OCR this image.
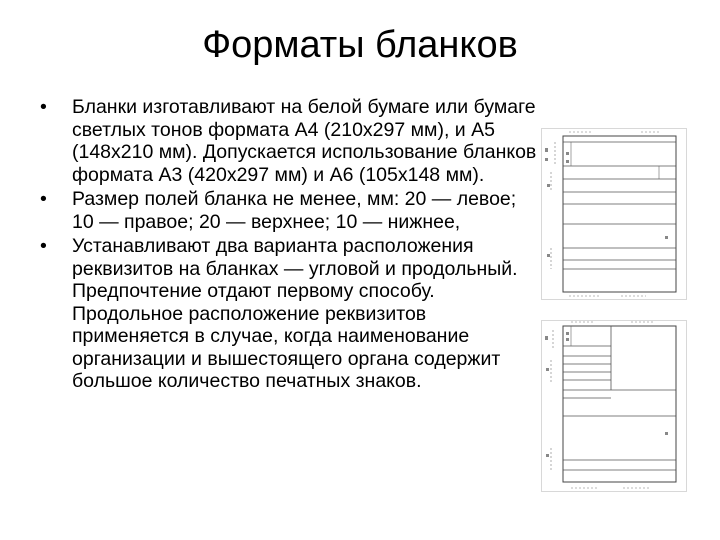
Форматы бланков
•	Бланки изготавливают на белой бумаге или бумаге светлых тонов формата А4 (210х297 мм), и А5 (148х210 мм). Допускается использование бланков формата А3 (420х297 мм) и А6 (105х148 мм).
•	Размер полей бланка не менее, мм: 20 — левое; 10 — правое; 20 — верхнее; 10 — нижнее,
•	Устанавливают два варианта расположения реквизитов на бланках — угловой и продольный. Предпочтение отдают первому способу. Продольное расположение реквизитов применяется в случае, когда наименование организации и вышестоящего органа содержит большое количество печатных знаков.
